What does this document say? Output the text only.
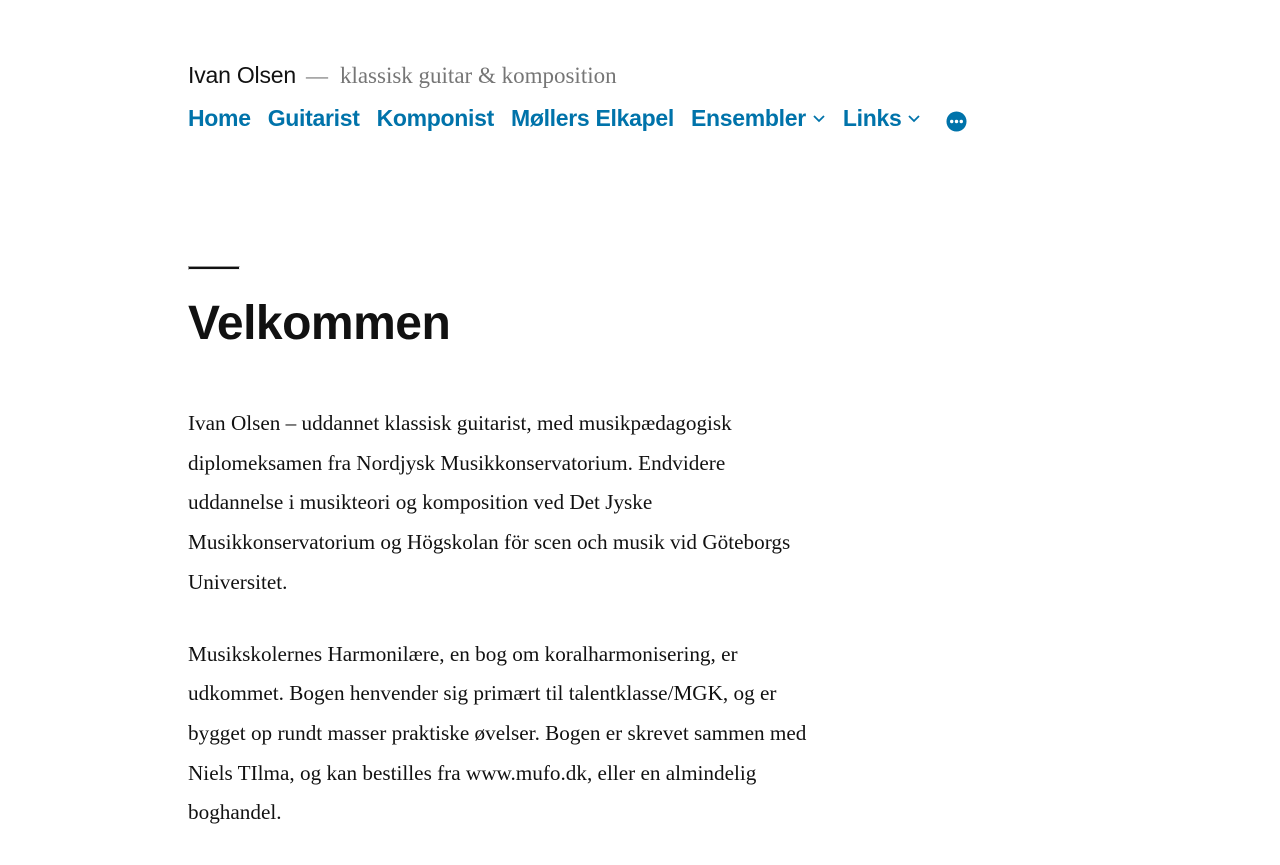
Ivan Olsen — klassisk guitar & komposition
Home Guitarist Komponist Møllers Elkapel Ensembler Links
Velkommen

Ivan Olsen – uddannet klassisk guitarist, med musikpædagogisk diplomeksamen fra Nordjysk Musikkonservatorium. Endvidere uddannelse i musikteori og komposition ved Det Jyske Musikkonservatorium og Högskolan för scen och musik vid Göteborgs Universitet.

Musikskolernes Harmonilære, en bog om koralharmonisering, er udkommet. Bogen henvender sig primært til talentklasse/MGK, og er bygget op rundt masser praktiske øvelser. Bogen er skrevet sammen med Niels TIlma, og kan bestilles fra www.mufo.dk, eller en almindelig boghandel.
